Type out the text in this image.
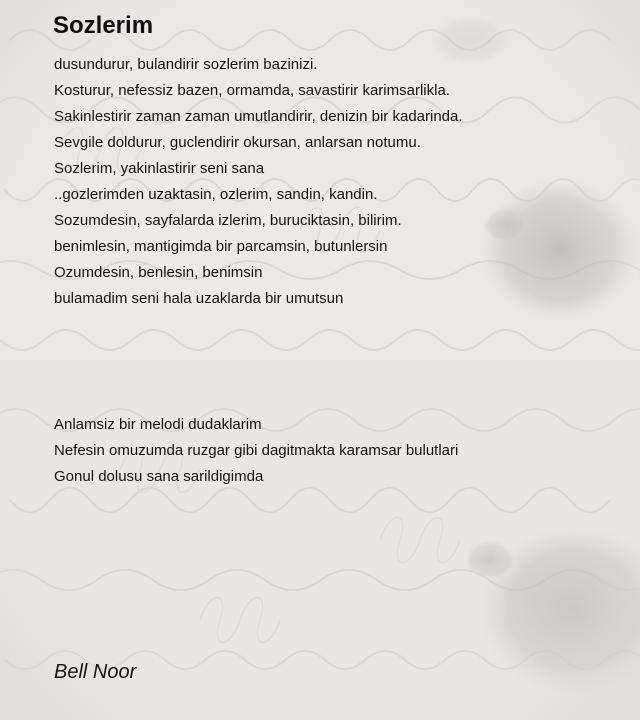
Sozlerim
dusundurur, bulandirir sozlerim bazinizi.
Kosturur, nefessiz bazen, ormamda, savastirir karimsarlikla.
Sakinlestirir zaman zaman umutlandirir, denizin bir kadarinda.
Sevgile doldurur, guclendirir okursan, anlarsan notumu.
Sozlerim, yakinlastirir seni sana
..gozlerimden uzaktasin, ozlerim, sandin, kandin.
Sozumdesin, sayfalarda izlerim, buruciktasin, bilirim.
benimlesin, mantigimda bir parcamsin, butunlersin
Ozumdesin, benlesin, benimsin
bulamadim seni hala uzaklarda bir umutsun
Anlamsiz bir melodi dudaklarim
Nefesin omuzumda ruzgar gibi dagitmakta karamsar bulutlari
Gonul dolusu sana sarildigimda

Bell Noor
